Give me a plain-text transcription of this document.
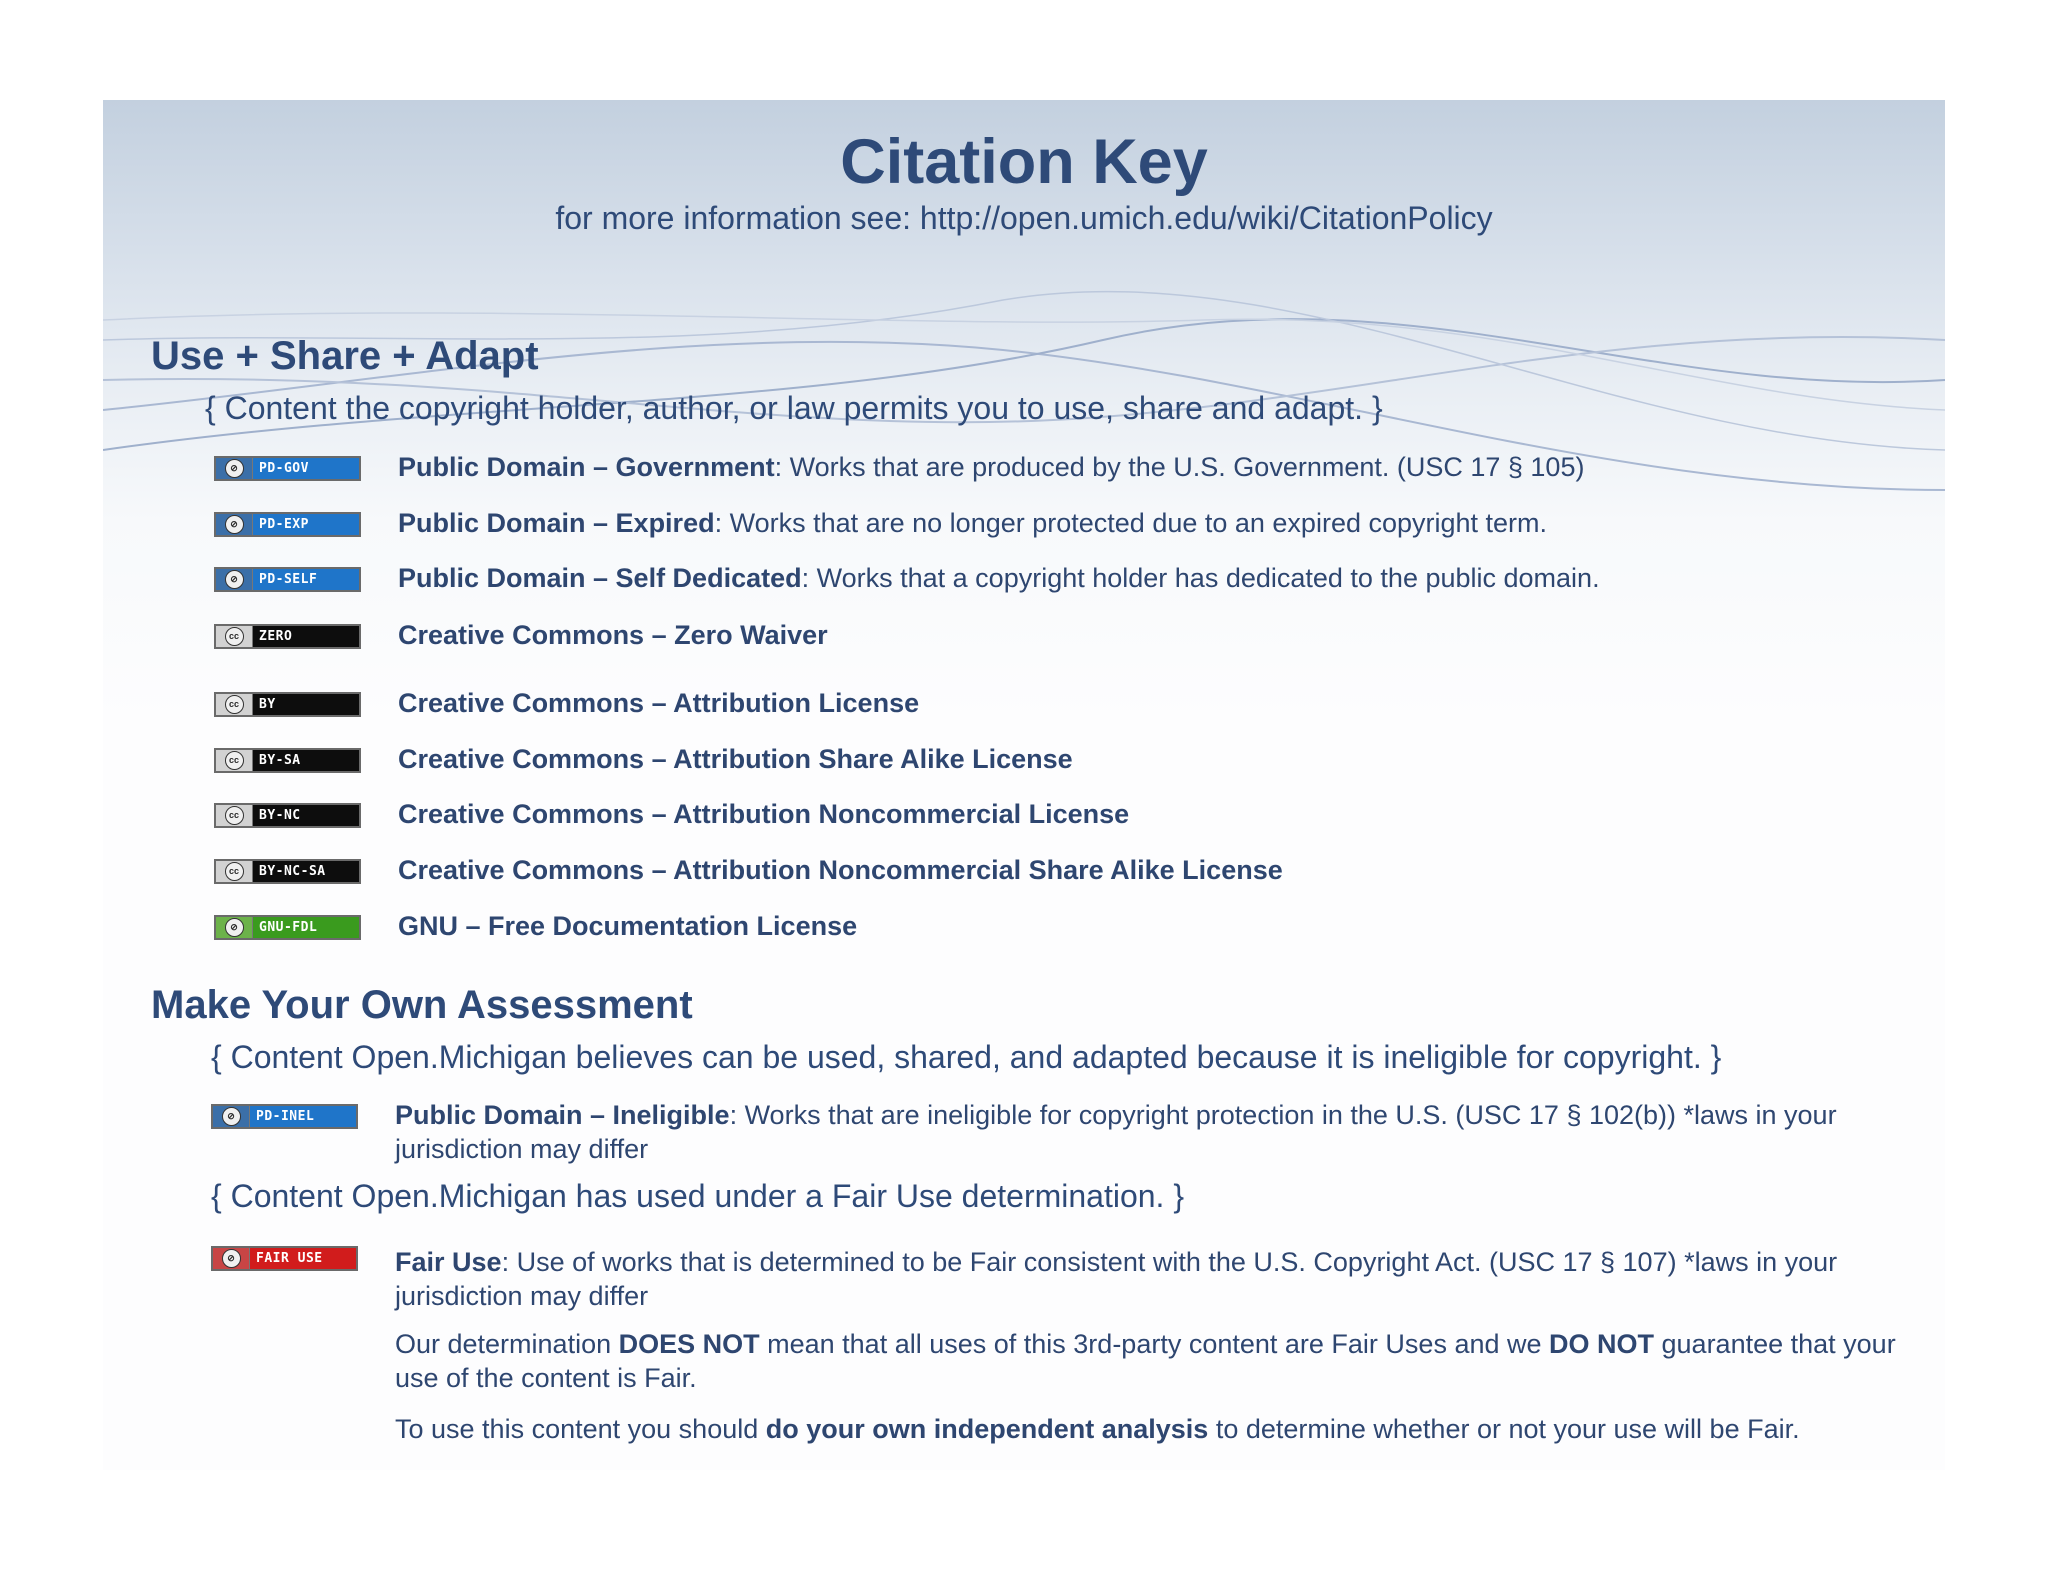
Citation Key
for more information see: http://open.umich.edu/wiki/CitationPolicy
Use + Share + Adapt
{ Content the copyright holder, author, or law permits you to use, share and adapt. }
⊘	PD-GOV	Public Domain – Government: Works that are produced by the U.S. Government. (USC 17 § 105)
⊘	PD-EXP	Public Domain – Expired: Works that are no longer protected due to an expired copyright term.
⊘	PD-SELF	Public Domain – Self Dedicated: Works that a copyright holder has dedicated to the public domain.
cc	ZERO	Creative Commons – Zero Waiver
cc	BY	Creative Commons – Attribution License
cc	BY-SA	Creative Commons – Attribution Share Alike License
cc	BY-NC	Creative Commons – Attribution Noncommercial License
cc	BY-NC-SA	Creative Commons – Attribution Noncommercial Share Alike License
⊘	GNU-FDL	GNU – Free Documentation License
Make Your Own Assessment
{ Content Open.Michigan believes can be used, shared, and adapted because it is ineligible for copyright. }
⊘	PD-INEL	Public Domain – Ineligible: Works that are ineligible for copyright protection in the U.S. (USC 17 § 102(b)) *laws in your jurisdiction may differ
{ Content Open.Michigan has used under a Fair Use determination. }
⊘	FAIR USE	Fair Use: Use of works that is determined to be Fair consistent with the U.S. Copyright Act. (USC 17 § 107) *laws in your jurisdiction may differ
Our determination DOES NOT mean that all uses of this 3rd-party content are Fair Uses and we DO NOT guarantee that your use of the content is Fair.
To use this content you should do your own independent analysis to determine whether or not your use will be Fair.
